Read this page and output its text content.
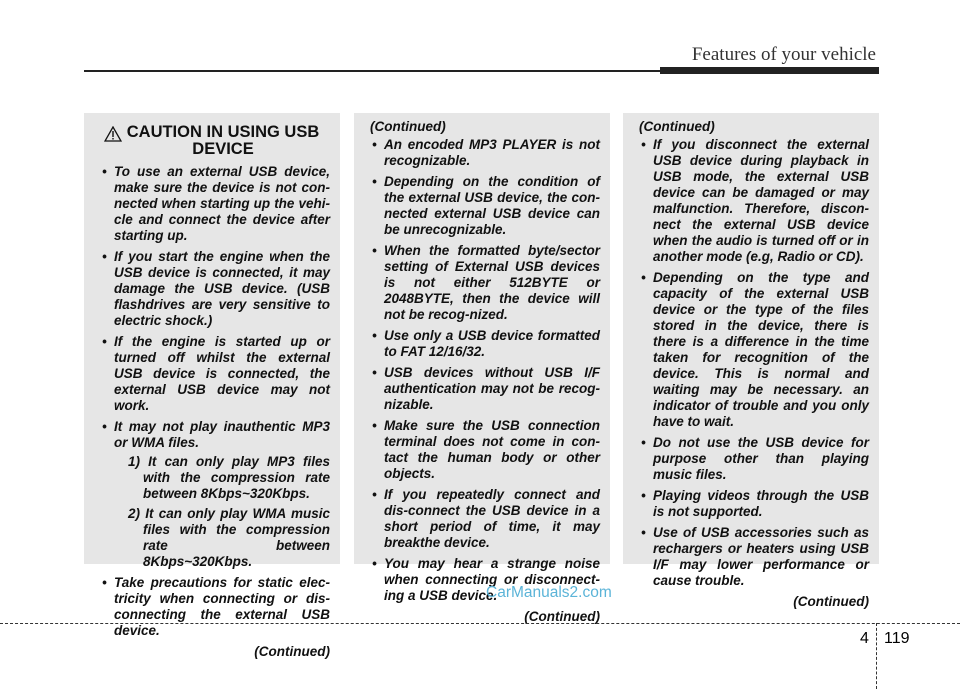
Features of your vehicle
CAUTION IN USING USB DEVICE
• To use an external USB device, make sure the device is not con-nected when starting up the vehi-cle and connect the device after starting up.
• If you start the engine when the USB device is connected, it may damage the USB device. (USB flashdrives are very sensitive to electric shock.)
• If the engine is started up or turned off whilst the external USB device is connected, the external USB device may not work.
• It may not play inauthentic MP3 or WMA files.
1) It can only play MP3 files with the compression rate between 8Kbps~320Kbps.
2) It can only play WMA music files with the compression rate between 8Kbps~320Kbps.
• Take precautions for static elec-tricity when connecting or dis-connecting the external USB device.
(Continued)
(Continued)
• An encoded MP3 PLAYER is not recognizable.
• Depending on the condition of the external USB device, the con-nected external USB device can be unrecognizable.
• When the formatted byte/sector setting of External USB devices is not either 512BYTE or 2048BYTE, then the device will not be recog-nized.
• Use only a USB device formatted to FAT 12/16/32.
• USB devices without USB I/F authentication may not be recog-nizable.
• Make sure the USB connection terminal does not come in con-tact the human body or other objects.
• If you repeatedly connect and dis-connect the USB device in a short period of time, it may breakthe device.
• You may hear a strange noise when connecting or disconnect-ing a USB device.
(Continued)
(Continued)
• If you disconnect the external USB device during playback in USB mode, the external USB device can be damaged or may malfunction. Therefore, discon-nect the external USB device when the audio is turned off or in another mode (e.g, Radio or CD).
• Depending on the type and capacity of the external USB device or the type of the files stored in the device, there is there is a difference in the time taken for recognition of the device. This is normal and waiting may be necessary. an indicator of trouble and you only have to wait.
• Do not use the USB device for purpose other than playing music files.
• Playing videos through the USB is not supported.
• Use of USB accessories such as rechargers or heaters using USB I/F may lower performance or cause trouble.
(Continued)
CarManuals2.com
4 119
